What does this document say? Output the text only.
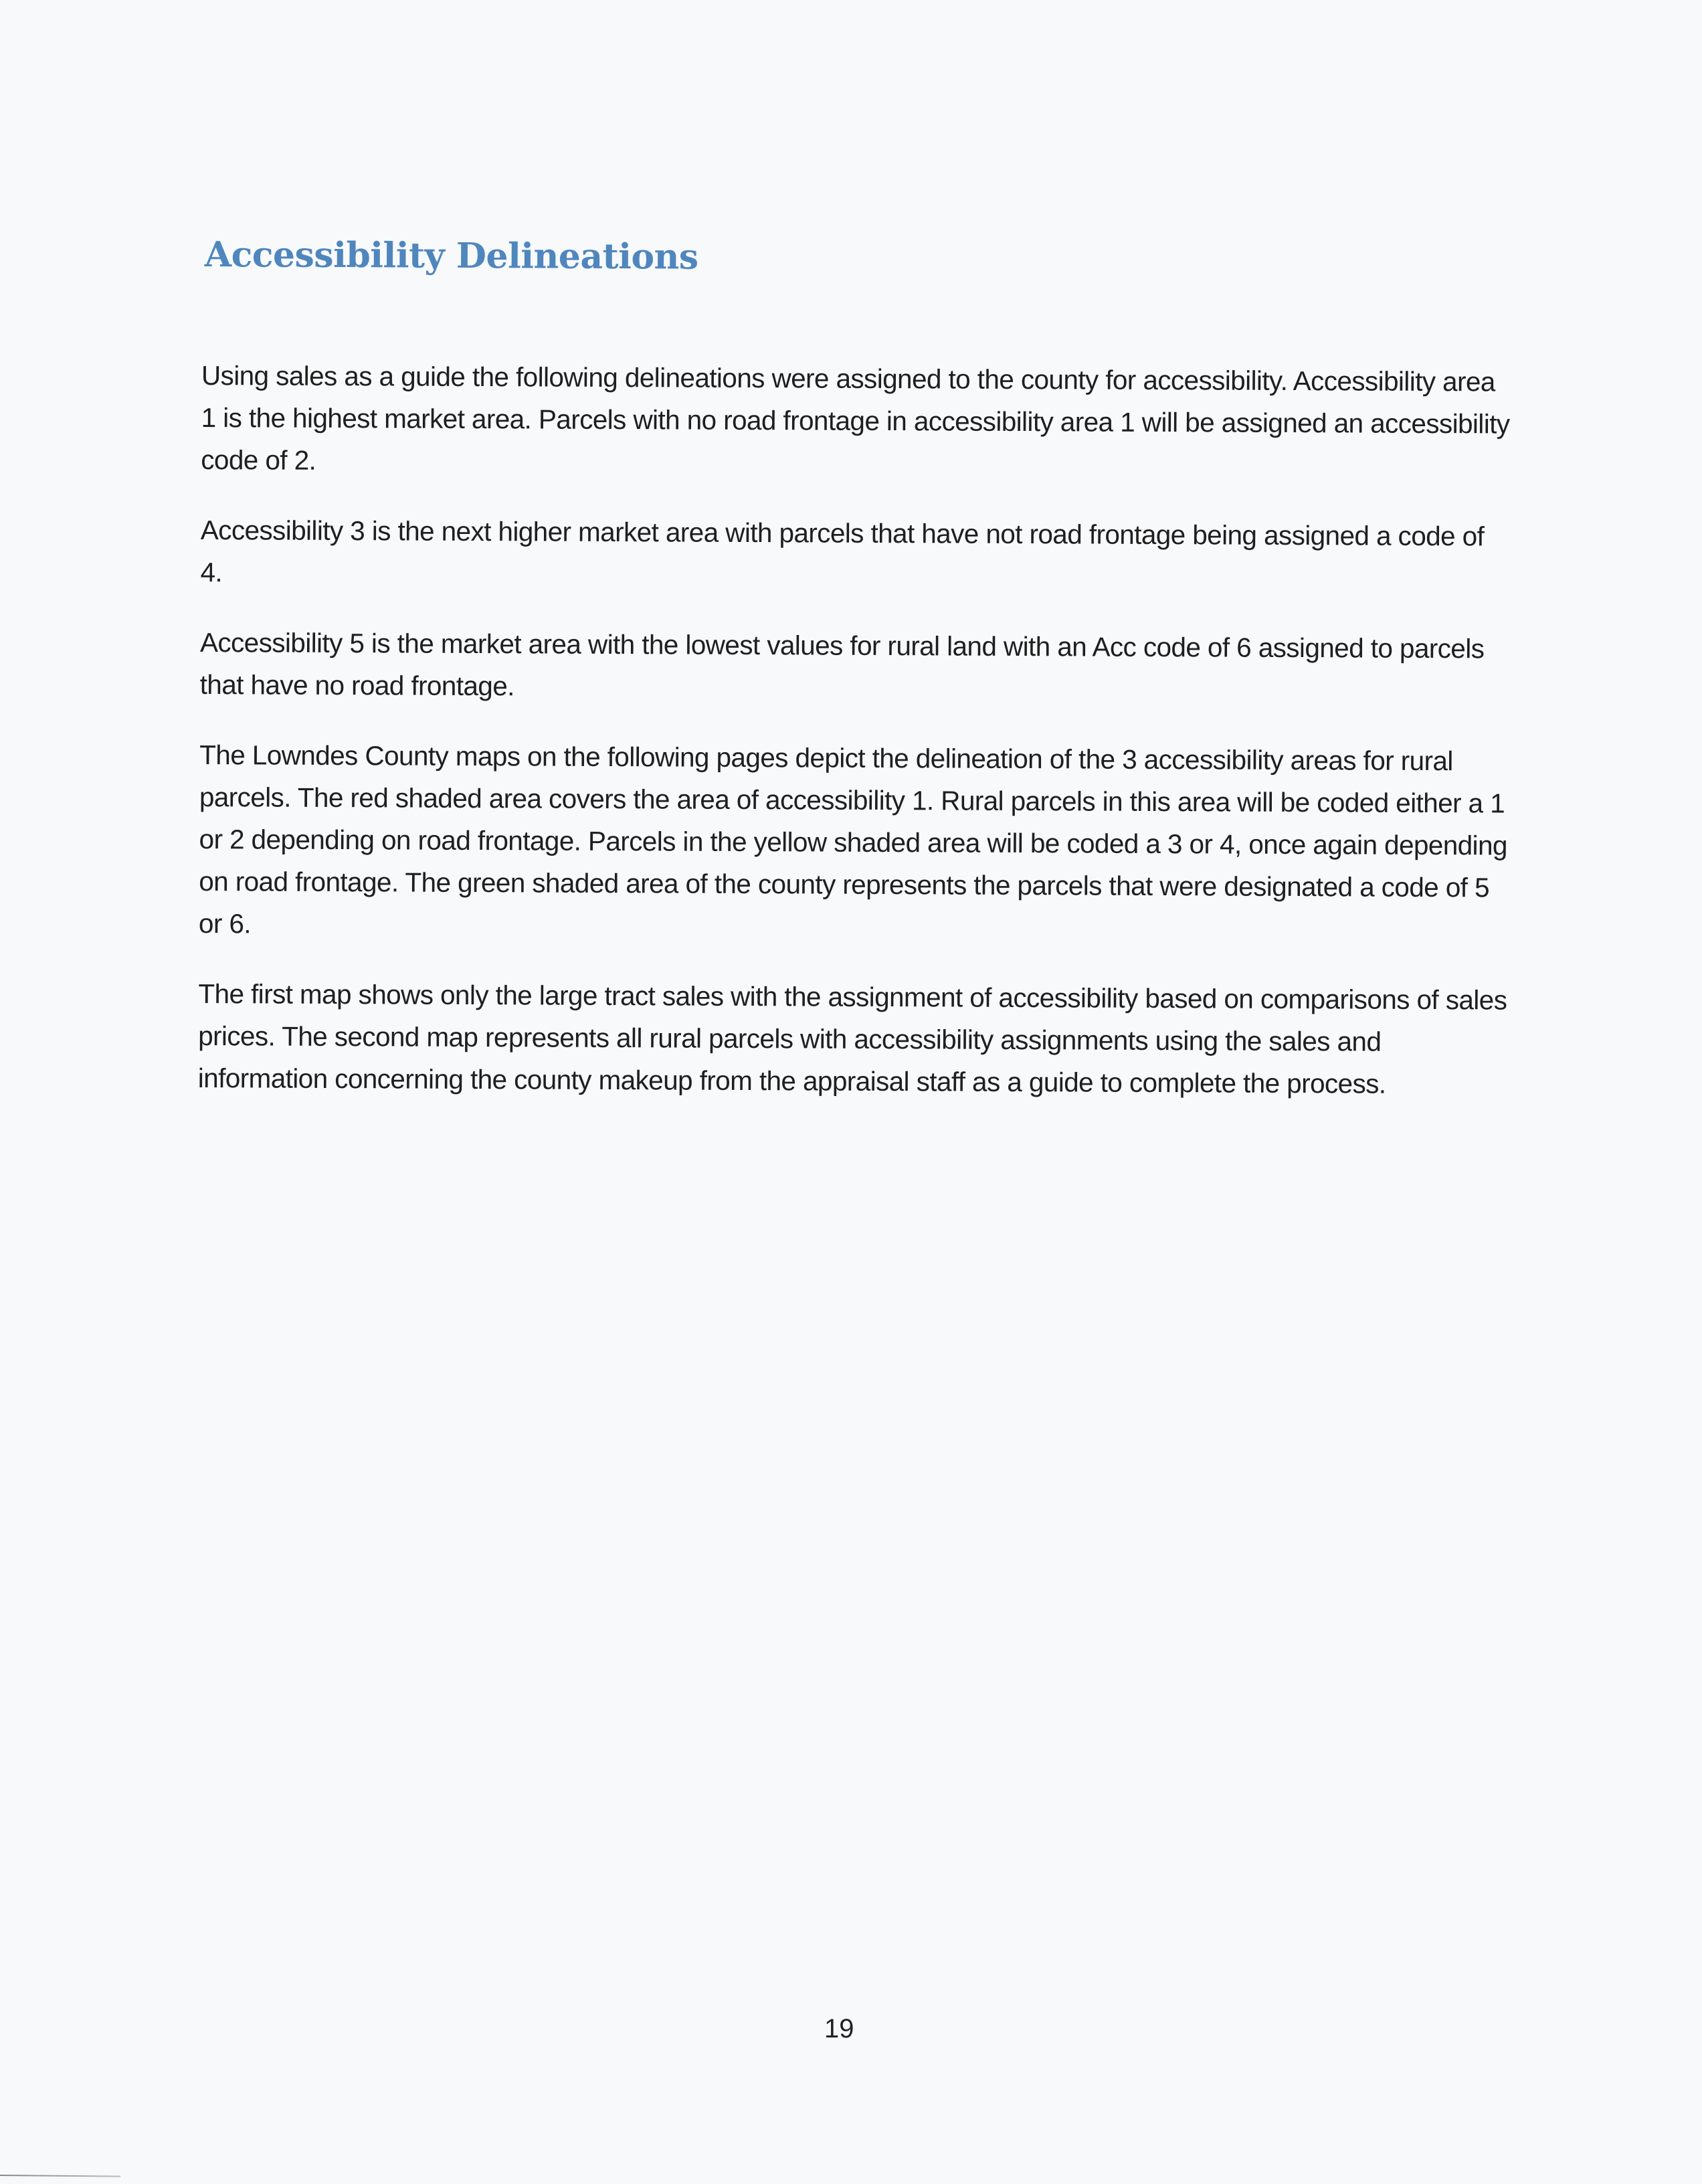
Accessibility Delineations

Using sales as a guide the following delineations were assigned to the county for accessibility. Accessibility area 1 is the highest market area. Parcels with no road frontage in accessibility area 1 will be assigned an accessibility code of 2.

Accessibility 3 is the next higher market area with parcels that have not road frontage being assigned a code of 4.

Accessibility 5 is the market area with the lowest values for rural land with an Acc code of 6 assigned to parcels that have no road frontage.

The Lowndes County maps on the following pages depict the delineation of the 3 accessibility areas for rural parcels. The red shaded area covers the area of accessibility 1. Rural parcels in this area will be coded either a 1 or 2 depending on road frontage. Parcels in the yellow shaded area will be coded a 3 or 4, once again depending on road frontage. The green shaded area of the county represents the parcels that were designated a code of 5 or 6.

The first map shows only the large tract sales with the assignment of accessibility based on comparisons of sales prices. The second map represents all rural parcels with accessibility assignments using the sales and information concerning the county makeup from the appraisal staff as a guide to complete the process.

19
